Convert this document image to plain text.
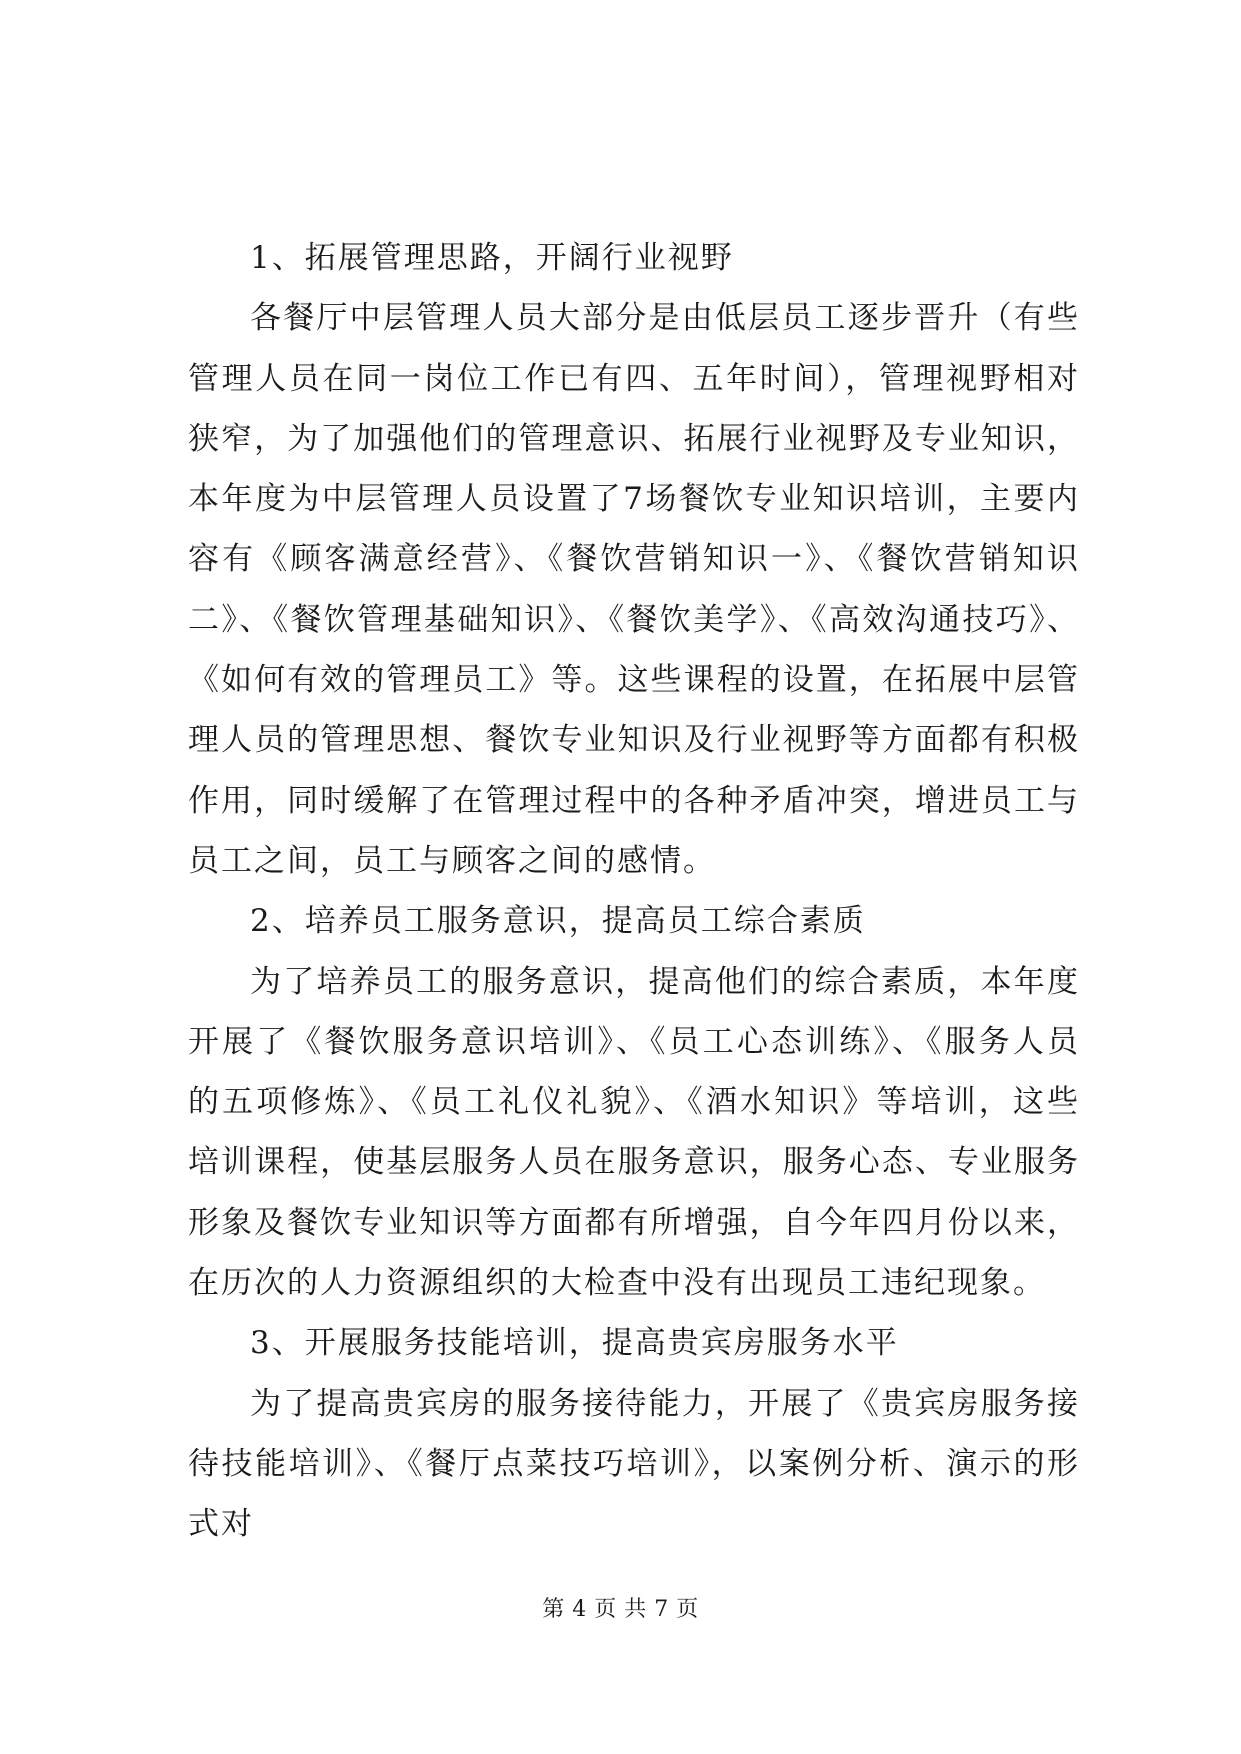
1、拓展管理思路，开阔行业视野

各餐厅中层管理人员大部分是由低层员工逐步晋升（有些管理人员在同一岗位工作已有四、五年时间），管理视野相对狭窄，为了加强他们的管理意识、拓展行业视野及专业知识，本年度为中层管理人员设置了7场餐饮专业知识培训，主要内容有《顾客满意经营》、《餐饮营销知识一》、《餐饮营销知识二》、《餐饮管理基础知识》、《餐饮美学》、《高效沟通技巧》、《如何有效的管理员工》等。这些课程的设置，在拓展中层管理人员的管理思想、餐饮专业知识及行业视野等方面都有积极作用，同时缓解了在管理过程中的各种矛盾冲突，增进员工与员工之间，员工与顾客之间的感情。

2、培养员工服务意识，提高员工综合素质

为了培养员工的服务意识，提高他们的综合素质，本年度开展了《餐饮服务意识培训》、《员工心态训练》、《服务人员的五项修炼》、《员工礼仪礼貌》、《酒水知识》等培训，这些培训课程，使基层服务人员在服务意识，服务心态、专业服务形象及餐饮专业知识等方面都有所增强，自今年四月份以来，在历次的人力资源组织的大检查中没有出现员工违纪现象。

3、开展服务技能培训，提高贵宾房服务水平

为了提高贵宾房的服务接待能力，开展了《贵宾房服务接待技能培训》、《餐厅点菜技巧培训》，以案例分析、演示的形式对

第 4 页 共 7 页
